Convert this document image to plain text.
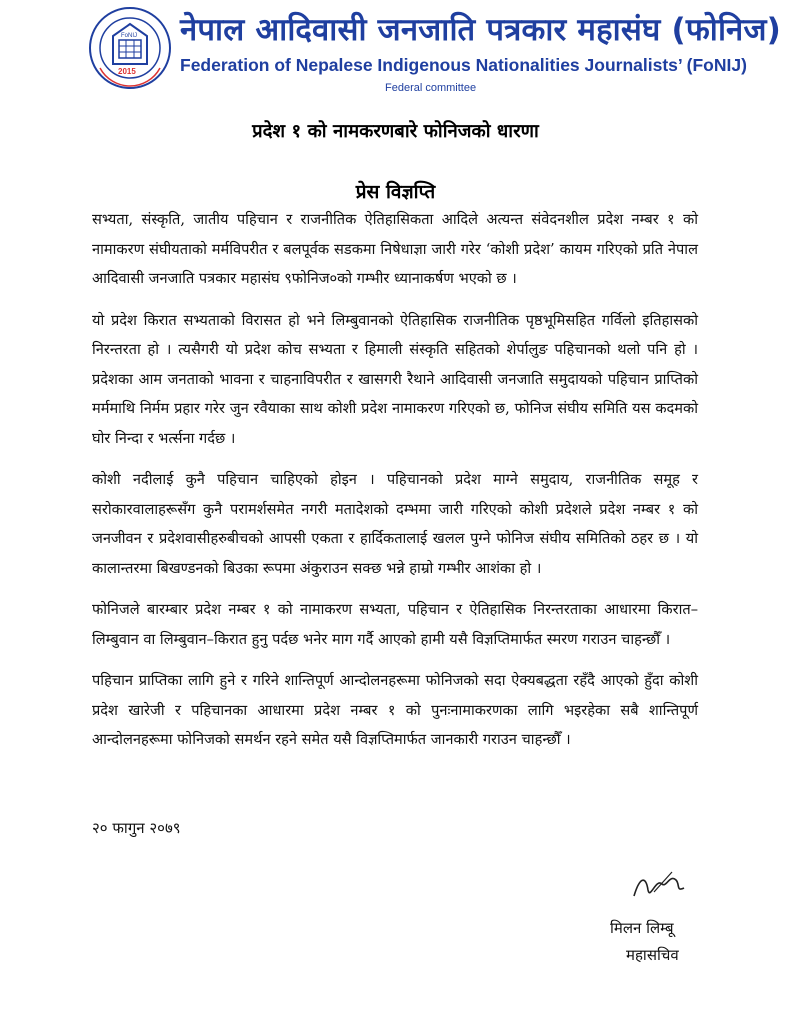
FoNIJ
2015
नेपाल आदिवासी जनजाति पत्रकार महासंघ (फोनिज)
Federation of Nepalese Indigenous Nationalities Journalists’ (FoNIJ)
Federal committee
प्रदेश १ को नामकरणबारे फोनिजको धारणा
प्रेस विज्ञप्ति

सभ्यता, संस्कृति, जातीय पहिचान र राजनीतिक ऐतिहासिकता आदिले अत्यन्त संवेदनशील प्रदेश नम्बर १ को नामाकरण संघीयताको मर्मविपरीत र बलपूर्वक सडकमा निषेधाज्ञा जारी गरेर ‘कोशी प्रदेश’ कायम गरिएको प्रति नेपाल आदिवासी जनजाति पत्रकार महासंघ ९फोनिज०को गम्भीर ध्यानाकर्षण भएको छ ।

यो प्रदेश किरात सभ्यताको विरासत हो भने लिम्बुवानको ऐतिहासिक राजनीतिक पृष्ठभूमिसहित गर्विलो इतिहासको निरन्तरता हो । त्यसैगरी यो प्रदेश कोच सभ्यता र हिमाली संस्कृति सहितको शेर्पालुङ पहिचानको थलो पनि हो । प्रदेशका आम जनताको भावना र चाहनाविपरीत र खासगरी रैथाने आदिवासी जनजाति समुदायको पहिचान प्राप्तिको मर्ममाथि निर्मम प्रहार गरेर जुन रवैयाका साथ कोशी प्रदेश नामाकरण गरिएको छ, फोनिज संघीय समिति यस कदमको घोर निन्दा र भर्त्सना गर्दछ ।

कोशी नदीलाई कुनै पहिचान चाहिएको होइन । पहिचानको प्रदेश माग्ने समुदाय, राजनीतिक समूह र सरोकारवालाहरूसँग कुनै परामर्शसमेत नगरी मतादेशको दम्भमा जारी गरिएको कोशी प्रदेशले प्रदेश नम्बर १ को जनजीवन र प्रदेशवासीहरुबीचको आपसी एकता र हार्दिकतालाई खलल पुग्ने फोनिज संघीय समितिको ठहर छ । यो कालान्तरमा बिखण्डनको बिउका रूपमा अंकुराउन सक्छ भन्ने हाम्रो गम्भीर आशंका हो ।

फोनिजले बारम्बार प्रदेश नम्बर १ को नामाकरण सभ्यता, पहिचान र ऐतिहासिक निरन्तरताका आधारमा किरात–लिम्बुवान वा लिम्बुवान–किरात हुनु पर्दछ भनेर माग गर्दै आएको हामी यसै विज्ञप्तिमार्फत स्मरण गराउन चाहन्छौँ ।

पहिचान प्राप्तिका लागि हुने र गरिने शान्तिपूर्ण आन्दोलनहरूमा फोनिजको सदा ऐक्यबद्धता रहँदै आएको हुँदा कोशी प्रदेश खारेजी र पहिचानका आधारमा प्रदेश नम्बर १ को पुनःनामाकरणका लागि भइरहेका सबै शान्तिपूर्ण आन्दोलनहरूमा फोनिजको समर्थन रहने समेत यसै विज्ञप्तिमार्फत जानकारी गराउन चाहन्छौँ ।

२० फागुन २०७९
मिलन लिम्बू
महासचिव
